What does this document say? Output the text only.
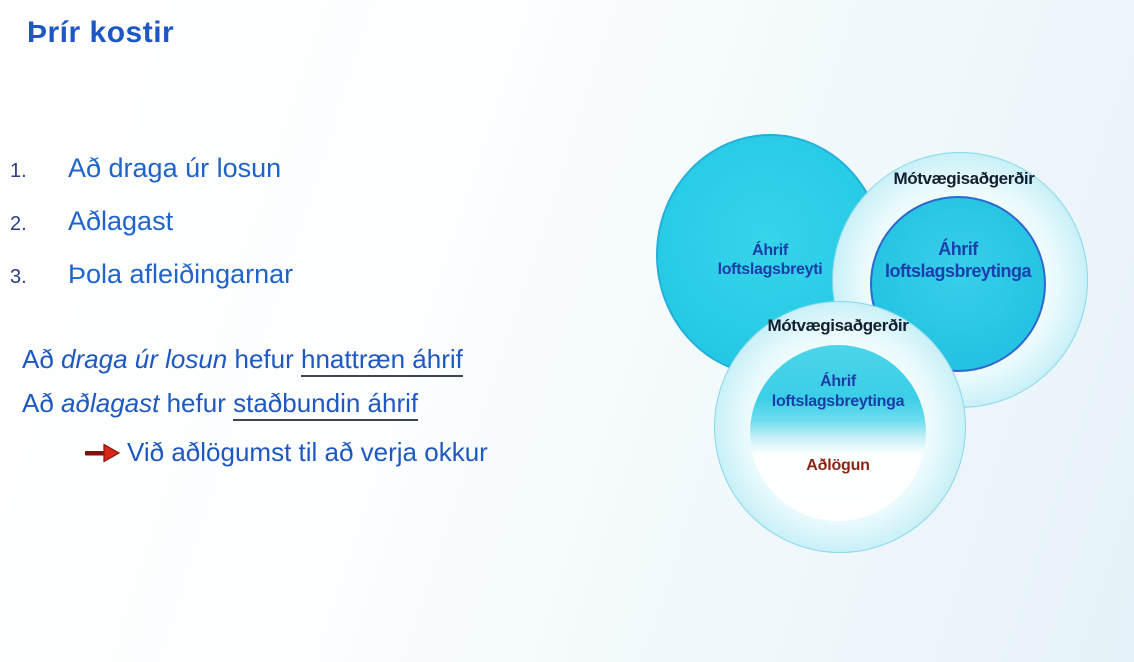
Þrír kostir
1.	Að draga úr losun
2.	Aðlagast
3.	Þola afleiðingarnar
Að draga úr losun hefur hnattræn áhrif
Að aðlagast hefur staðbundin áhrif
Við aðlögumst til að verja okkur
Áhrif
loftslagsbreyti
Áhrif
loftslagsbreytinga
Áhrif
loftslagsbreytinga
Aðlögun
Mótvægisaðgerðir
Mótvægisaðgerðir
